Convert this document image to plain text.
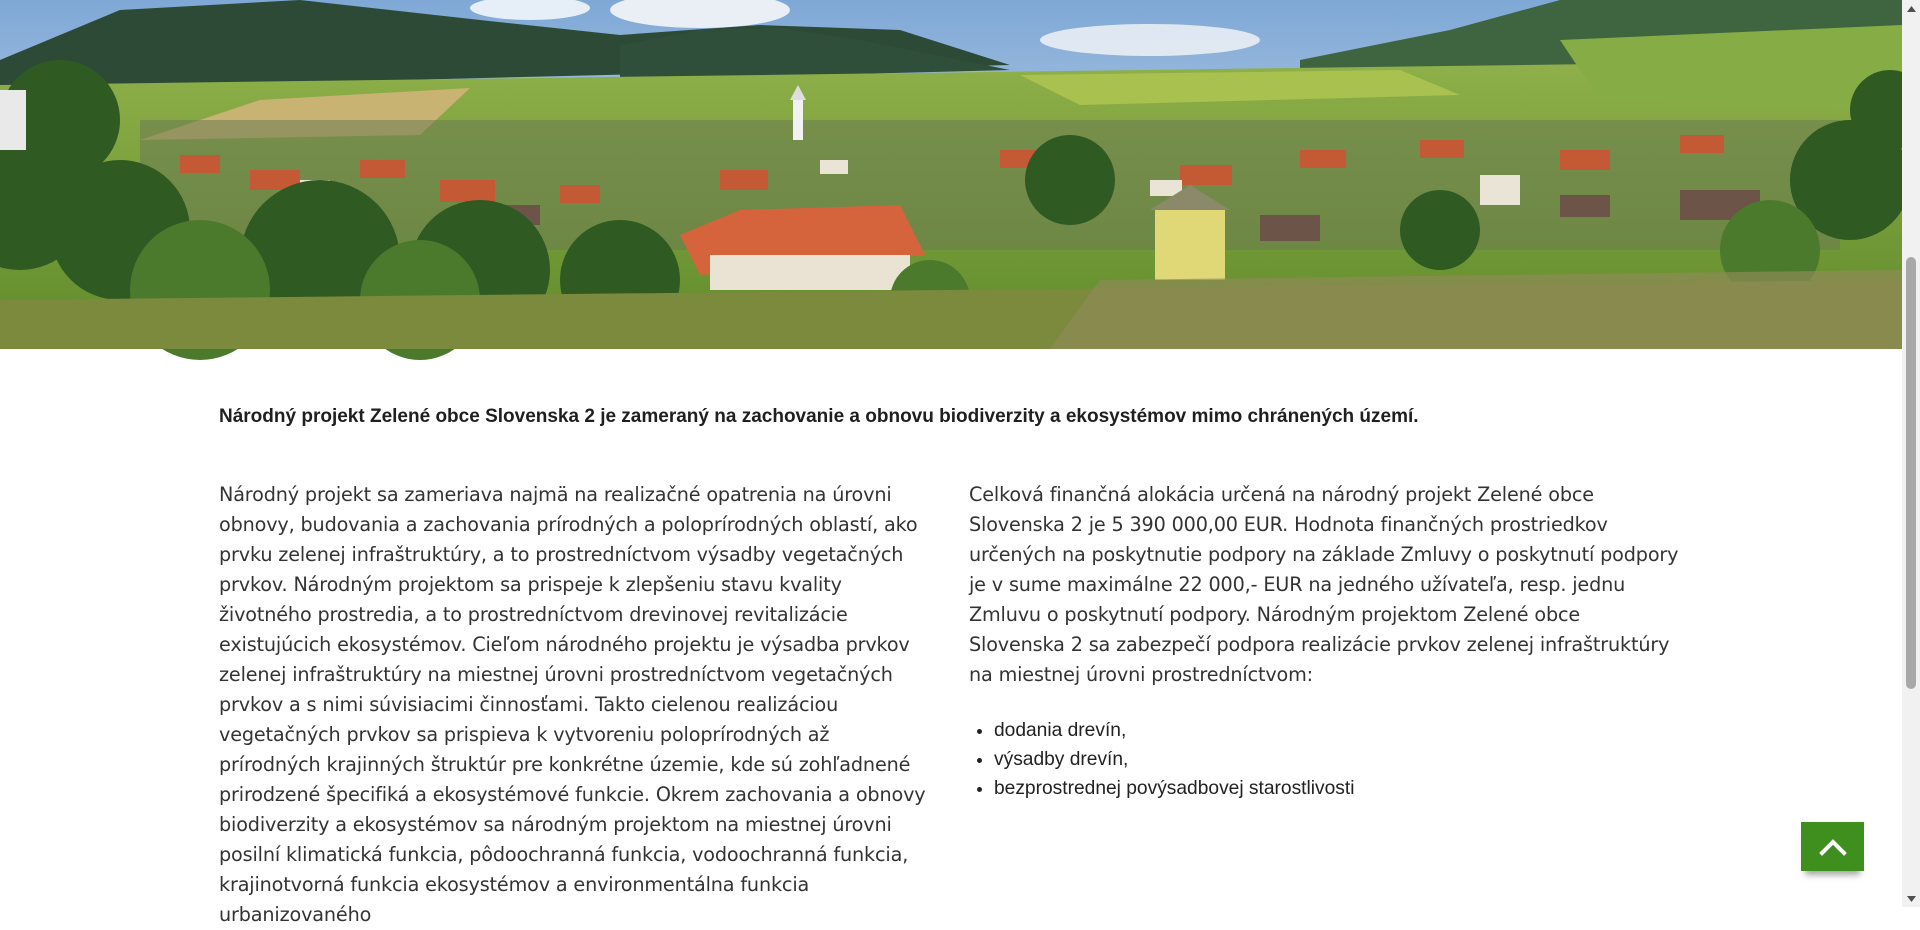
Národný projekt Zelené obce Slovenska 2 je zameraný na zachovanie a obnovu biodiverzity a ekosystémov mimo chránených území.

Národný projekt sa zameriava najmä na realizačné opatrenia na úrovni obnovy, budovania a zachovania prírodných a poloprírodných oblastí, ako prvku zelenej infraštruktúry, a to prostredníctvom výsadby vegetačných prvkov. Národným projektom sa prispeje k zlepšeniu stavu kvality životného prostredia, a to prostredníctvom drevinovej revitalizácie existujúcich ekosystémov. Cieľom národného projektu je výsadba prvkov zelenej infraštruktúry na miestnej úrovni prostredníctvom vegetačných prvkov a s nimi súvisiacimi činnosťami. Takto cielenou realizáciou vegetačných prvkov sa prispieva k vytvoreniu poloprírodných až prírodných krajinných štruktúr pre konkrétne územie, kde sú zohľadnené prirodzené špecifiká a ekosystémové funkcie. Okrem zachovania a obnovy biodiverzity a ekosystémov sa národným projektom na miestnej úrovni posilní klimatická funkcia, pôdoochranná funkcia, vodoochranná funkcia, krajinotvorná funkcia ekosystémov a environmentálna funkcia urbanizovaného

Celková finančná alokácia určená na národný projekt Zelené obce Slovenska 2 je 5 390 000,00 EUR. Hodnota finančných prostriedkov určených na poskytnutie podpory na základe Zmluvy o poskytnutí podpory je v sume maximálne 22 000,- EUR na jedného užívateľa, resp. jednu Zmluvu o poskytnutí podpory. Národným projektom Zelené obce Slovenska 2 sa zabezpečí podpora realizácie prvkov zelenej infraštruktúry na miestnej úrovni prostredníctvom:

• dodania drevín,
• výsadby drevín,
• bezprostrednej povýsadbovej starostlivosti
